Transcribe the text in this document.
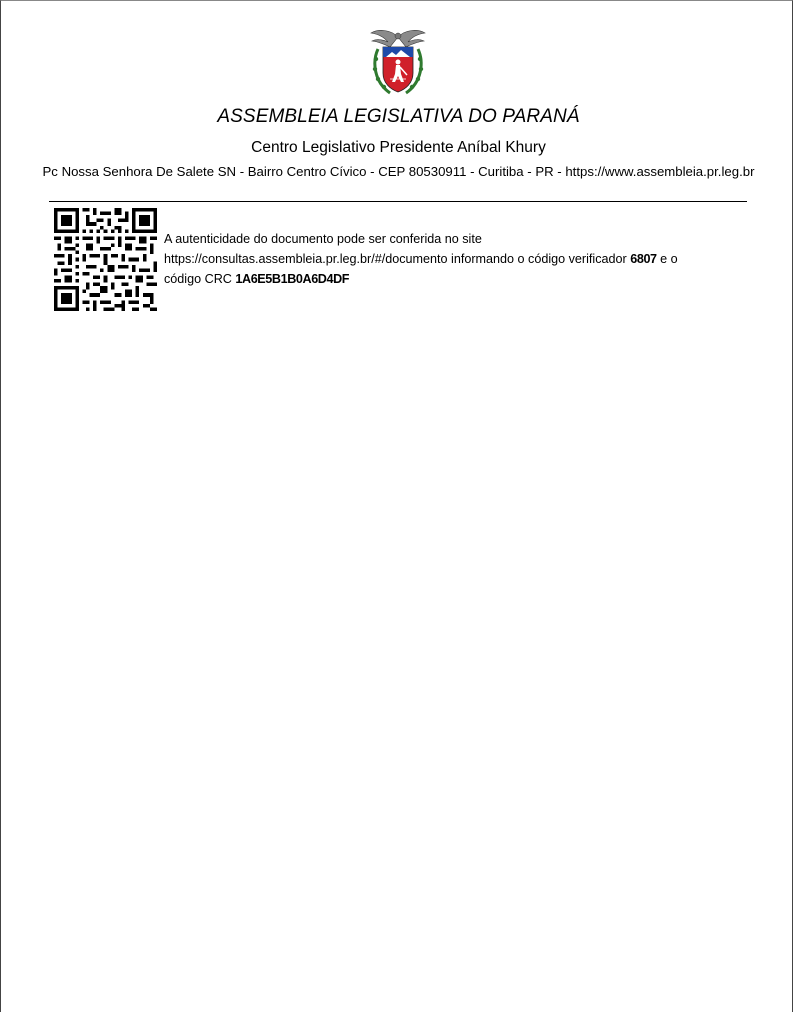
ASSEMBLEIA LEGISLATIVA DO PARANÁ
Centro Legislativo Presidente Aníbal Khury
Pc Nossa Senhora De Salete SN - Bairro Centro Cívico - CEP 80530911 - Curitiba - PR - https://www.assembleia.pr.leg.br
A autenticidade do documento pode ser conferida no site
https://consultas.assembleia.pr.leg.br/#/documento informando o código verificador 6807 e o
código CRC 1A6E5B1B0A6D4DF
